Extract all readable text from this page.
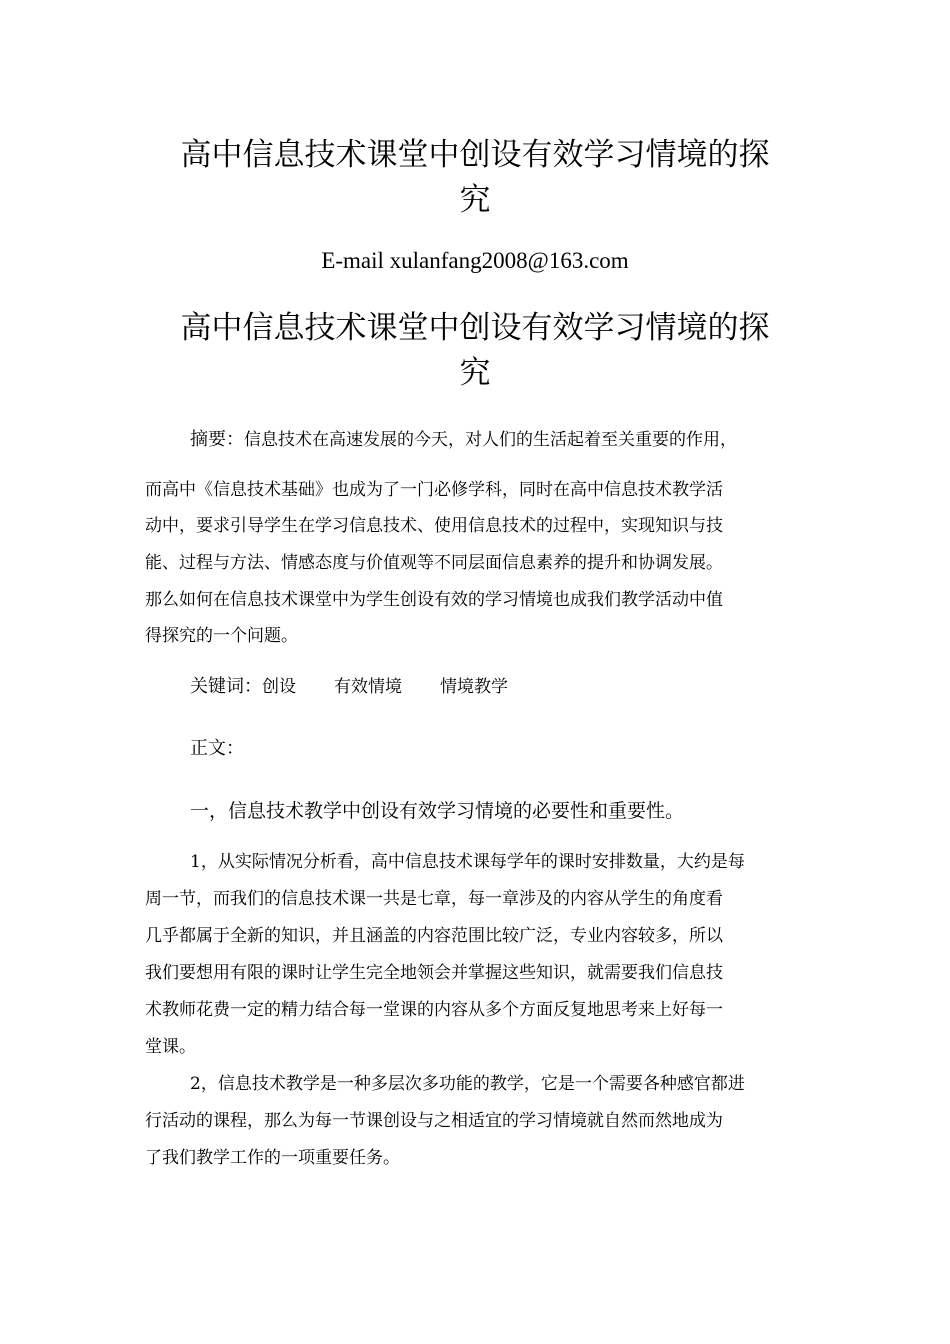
高中信息技术课堂中创设有效学习情境的探
究
E-mail xulanfang2008@163.com
高中信息技术课堂中创设有效学习情境的探
究
摘要：信息技术在高速发展的今天，对人们的生活起着至关重要的作用，
而高中《信息技术基础》也成为了一门必修学科，同时在高中信息技术教学活
动中，要求引导学生在学习信息技术、使用信息技术的过程中，实现知识与技
能、过程与方法、情感态度与价值观等不同层面信息素养的提升和协调发展。
那么如何在信息技术课堂中为学生创设有效的学习情境也成我们教学活动中值
得探究的一个问题。
关键词：创设 有效情境 情境教学
正文：
一，信息技术教学中创设有效学习情境的必要性和重要性。
1，从实际情况分析看，高中信息技术课每学年的课时安排数量，大约是每
周一节，而我们的信息技术课一共是七章，每一章涉及的内容从学生的角度看
几乎都属于全新的知识，并且涵盖的内容范围比较广泛，专业内容较多，所以
我们要想用有限的课时让学生完全地领会并掌握这些知识，就需要我们信息技
术教师花费一定的精力结合每一堂课的内容从多个方面反复地思考来上好每一
堂课。
2，信息技术教学是一种多层次多功能的教学，它是一个需要各种感官都进
行活动的课程，那么为每一节课创设与之相适宜的学习情境就自然而然地成为
了我们教学工作的一项重要任务。
